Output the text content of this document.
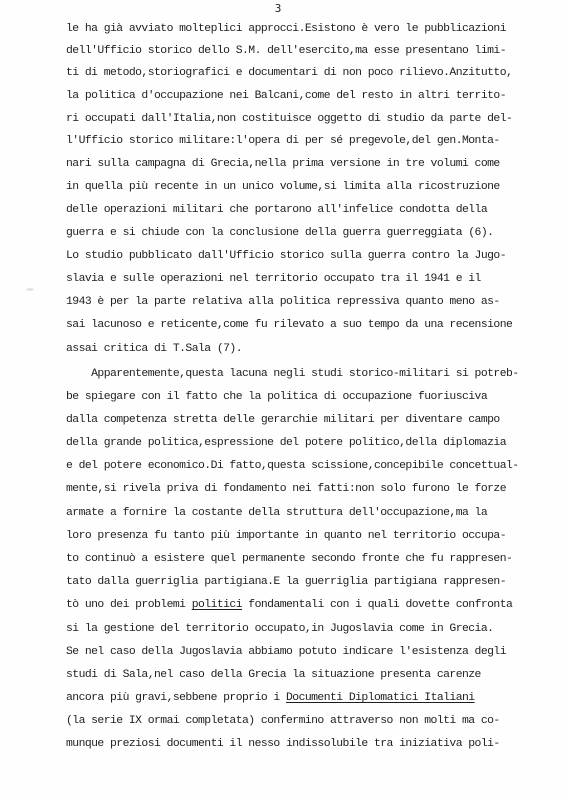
3
le ha già avviato molteplici approcci.Esistono è vero le pubblicazioni
dell'Ufficio storico dello S.M. dell'esercito,ma esse presentano limi-
ti di metodo,storiografici e documentari di non poco rilievo.Anzitutto,
la politica d'occupazione nei Balcani,come del resto in altri territo-
ri occupati dall'Italia,non costituisce oggetto di studio da parte del-
l'Ufficio storico militare:l'opera di per sé pregevole,del gen.Monta-
nari sulla campagna di Grecia,nella prima versione in tre volumi come
in quella più recente in un unico volume,si limita alla ricostruzione
delle operazioni militari che portarono all'infelice condotta della
guerra e si chiude con la conclusione della guerra guerreggiata (6).
Lo studio pubblicato dall'Ufficio storico sulla guerra contro la Jugo-
slavia e sulle operazioni nel territorio occupato tra il 1941 e il
1943 è per la parte relativa alla politica repressiva quanto meno as-
sai lacunoso e reticente,come fu rilevato a suo tempo da una recensione
assai critica di T.Sala (7).
Apparentemente,questa lacuna negli studi storico-militari si potreb-
be spiegare con il fatto che la politica di occupazione fuoriusciva
dalla competenza stretta delle gerarchie militari per diventare campo
della grande politica,espressione del potere politico,della diplomazia
e del potere economico.Di fatto,questa scissione,concepibile concettual-
mente,si rivela priva di fondamento nei fatti:non solo furono le forze
armate a fornire la costante della struttura dell'occupazione,ma la
loro presenza fu tanto più importante in quanto nel territorio occupa-
to continuò a esistere quel permanente secondo fronte che fu rappresen-
tato dalla guerriglia partigiana.E la guerriglia partigiana rappresen-
tò uno dei problemi politici fondamentali con i quali dovette confronta
si la gestione del territorio occupato,in Jugoslavia come in Grecia.
Se nel caso della Jugoslavia abbiamo potuto indicare l'esistenza degli
studi di Sala,nel caso della Grecia la situazione presenta carenze
ancora più gravi,sebbene proprio i Documenti Diplomatici Italiani
(la serie IX ormai completata) confermino attraverso non molti ma co-
munque preziosi documenti il nesso indissolubile tra iniziativa poli-
